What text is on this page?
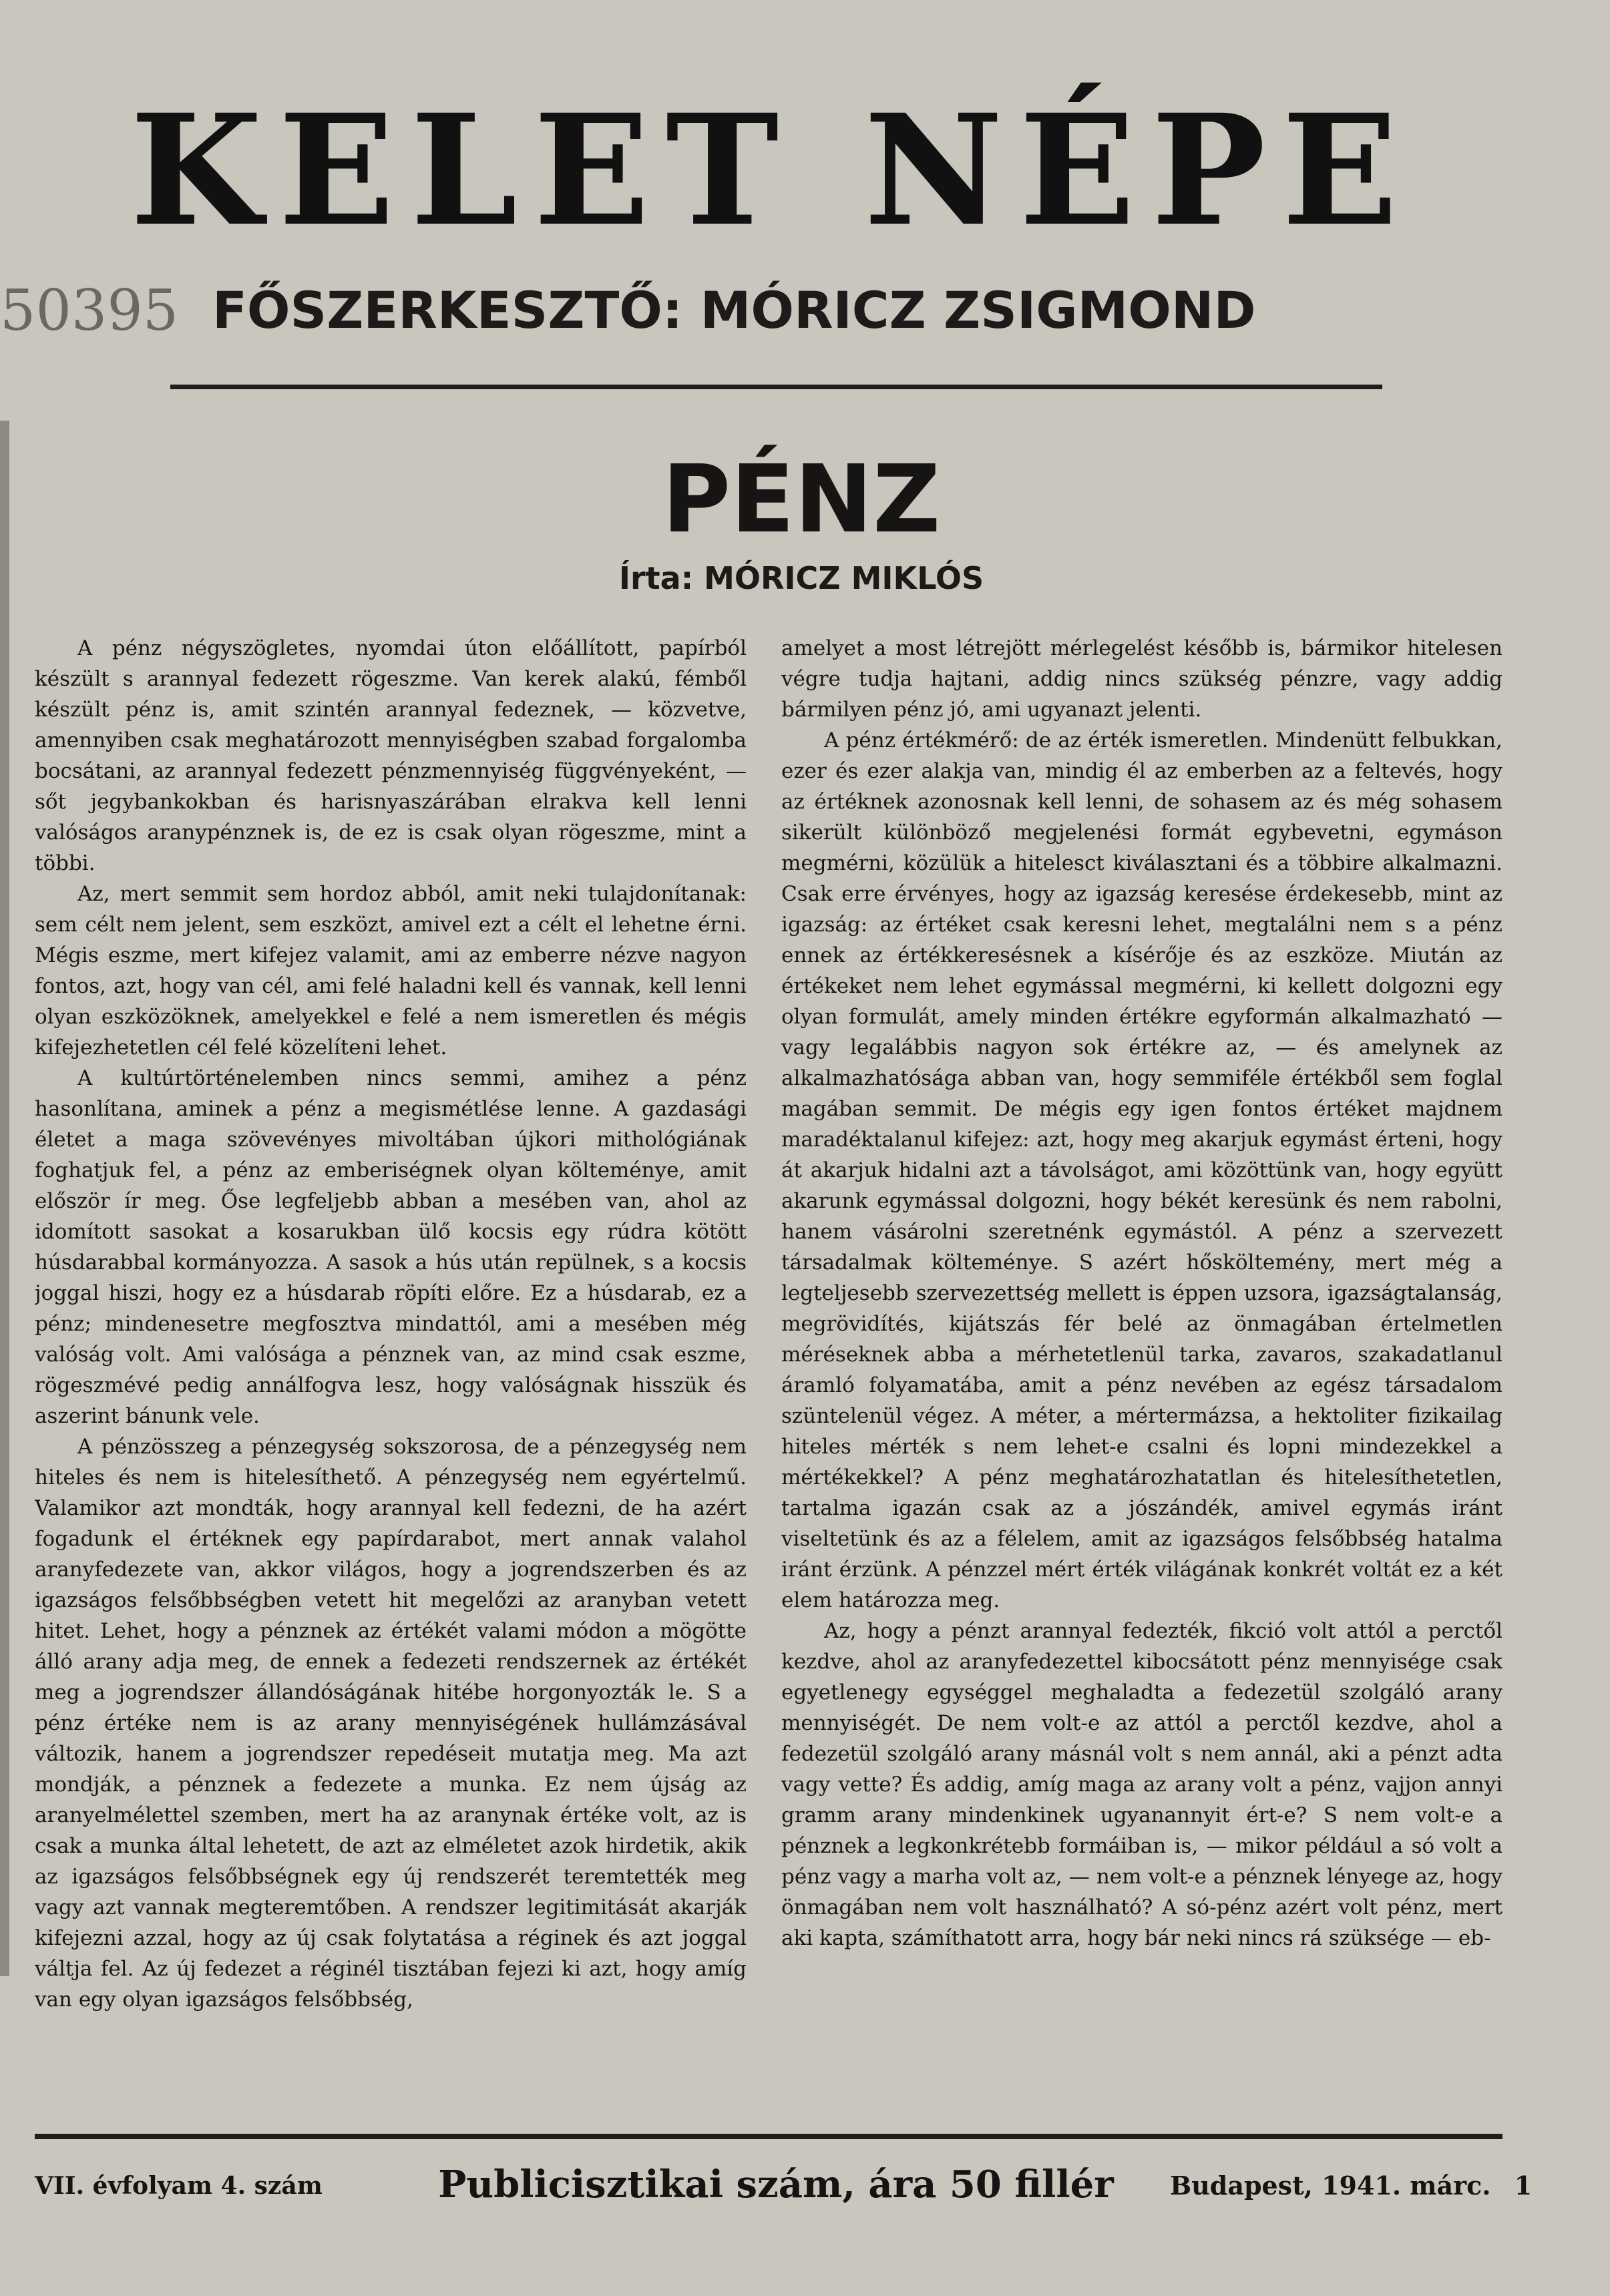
KELET NÉPE
50395 FŐSZERKESZTŐ: MÓRICZ ZSIGMOND
PÉNZ
Írta: MÓRICZ MIKLÓS

A pénz négyszögletes, nyomdai úton előállított, papírból készült s arannyal fedezett rögeszme. Van kerek alakú, fémből készült pénz is, amit szintén arannyal fedeznek, — közvetve, amennyiben csak meghatározott mennyiségben szabad forgalomba bocsátani, az arannyal fedezett pénzmennyiség függvényeként, — sőt jegybankokban és harisnyaszárában elrakva kell lenni valóságos aranypénznek is, de ez is csak olyan rögeszme, mint a többi.

Az, mert semmit sem hordoz abból, amit neki tulajdonítanak: sem célt nem jelent, sem eszközt, amivel ezt a célt el lehetne érni. Mégis eszme, mert kifejez valamit, ami az emberre nézve nagyon fontos, azt, hogy van cél, ami felé haladni kell és vannak, kell lenni olyan eszközöknek, amelyekkel e felé a nem ismeretlen és mégis kifejezhetetlen cél felé közelíteni lehet.

A kultúrtörténelemben nincs semmi, amihez a pénz hasonlítana, aminek a pénz a megismétlése lenne. A gazdasági életet a maga szövevényes mivoltában újkori mithológiának foghatjuk fel, a pénz az emberiségnek olyan költeménye, amit először ír meg. Őse legfeljebb abban a mesében van, ahol az idomított sasokat a kosarukban ülő kocsis egy rúdra kötött húsdarabbal kormányozza. A sasok a hús után repülnek, s a kocsis joggal hiszi, hogy ez a húsdarab röpíti előre. Ez a húsdarab, ez a pénz; mindenesetre megfosztva mindattól, ami a mesében még valóság volt. Ami valósága a pénznek van, az mind csak eszme, rögeszmévé pedig annálfogva lesz, hogy valóságnak hisszük és aszerint bánunk vele.

A pénzösszeg a pénzegység sokszorosa, de a pénzegység nem hiteles és nem is hitelesíthető. A pénzegység nem egyértelmű. Valamikor azt mondták, hogy arannyal kell fedezni, de ha azért fogadunk el értéknek egy papírdarabot, mert annak valahol aranyfedezete van, akkor világos, hogy a jogrendszerben és az igazságos felsőbbségben vetett hit megelőzi az aranyban vetett hitet. Lehet, hogy a pénznek az értékét valami módon a mögötte álló arany adja meg, de ennek a fedezeti rendszernek az értékét meg a jogrendszer állandóságának hitébe horgonyozták le. S a pénz értéke nem is az arany mennyiségének hullámzásával változik, hanem a jogrendszer repedéseit mutatja meg. Ma azt mondják, a pénznek a fedezete a munka. Ez nem újság az aranyelmélettel szemben, mert ha az aranynak értéke volt, az is csak a munka által lehetett, de azt az elméletet azok hirdetik, akik az igazságos felsőbbségnek egy új rendszerét teremtették meg vagy azt vannak megteremtőben. A rendszer legitimitását akarják kifejezni azzal, hogy az új csak folytatása a réginek és azt joggal váltja fel. Az új fedezet a réginél tisztában fejezi ki azt, hogy amíg van egy olyan igazságos felsőbbség,

amelyet a most létrejött mérlegelést később is, bármikor hitelesen végre tudja hajtani, addig nincs szükség pénzre, vagy addig bármilyen pénz jó, ami ugyanazt jelenti.

A pénz értékmérő: de az érték ismeretlen. Mindenütt felbukkan, ezer és ezer alakja van, mindig él az emberben az a feltevés, hogy az értéknek azonosnak kell lenni, de sohasem az és még sohasem sikerült különböző megjelenési formát egybevetni, egymáson megmérni, közülük a hitelesct kiválasztani és a többire alkalmazni. Csak erre érvényes, hogy az igazság keresése érdekesebb, mint az igazság: az értéket csak keresni lehet, megtalálni nem s a pénz ennek az értékkeresésnek a kísérője és az eszköze. Miután az értékeket nem lehet egymással megmérni, ki kellett dolgozni egy olyan formulát, amely minden értékre egyformán alkalmazható — vagy legalábbis nagyon sok értékre az, — és amelynek az alkalmazhatósága abban van, hogy semmiféle értékből sem foglal magában semmit. De mégis egy igen fontos értéket majdnem maradéktalanul kifejez: azt, hogy meg akarjuk egymást érteni, hogy át akarjuk hidalni azt a távolságot, ami közöttünk van, hogy együtt akarunk egymással dolgozni, hogy békét keresünk és nem rabolni, hanem vásárolni szeretnénk egymástól. A pénz a szervezett társadalmak költeménye. S azért hősköltemény, mert még a legteljesebb szervezettség mellett is éppen uzsora, igazságtalanság, megrövidítés, kijátszás fér belé az önmagában értelmetlen méréseknek abba a mérhetetlenül tarka, zavaros, szakadatlanul áramló folyamatába, amit a pénz nevében az egész társadalom szüntelenül végez. A méter, a mértermázsa, a hektoliter fizikailag hiteles mérték s nem lehet-e csalni és lopni mindezekkel a mértékekkel? A pénz meghatározhatatlan és hitelesíthetetlen, tartalma igazán csak az a jószándék, amivel egymás iránt viseltetünk és az a félelem, amit az igazságos felsőbbség hatalma iránt érzünk. A pénzzel mért érték világának konkrét voltát ez a két elem határozza meg.

Az, hogy a pénzt arannyal fedezték, fikció volt attól a perctől kezdve, ahol az aranyfedezettel kibocsátott pénz mennyisége csak egyetlenegy egységgel meghaladta a fedezetül szolgáló arany mennyiségét. De nem volt-e az attól a perctől kezdve, ahol a fedezetül szolgáló arany másnál volt s nem annál, aki a pénzt adta vagy vette? És addig, amíg maga az arany volt a pénz, vajjon annyi gramm arany mindenkinek ugyanannyit ért-e? S nem volt-e a pénznek a legkonkrétebb formáiban is, — mikor például a só volt a pénz vagy a marha volt az, — nem volt-e a pénznek lényege az, hogy önmagában nem volt használható? A só-pénz azért volt pénz, mert aki kapta, számíthatott arra, hogy bár neki nincs rá szüksége — eb-

VII. évfolyam 4. szám	Publicisztikai szám, ára 50 fillér	Budapest, 1941. márc. 1
